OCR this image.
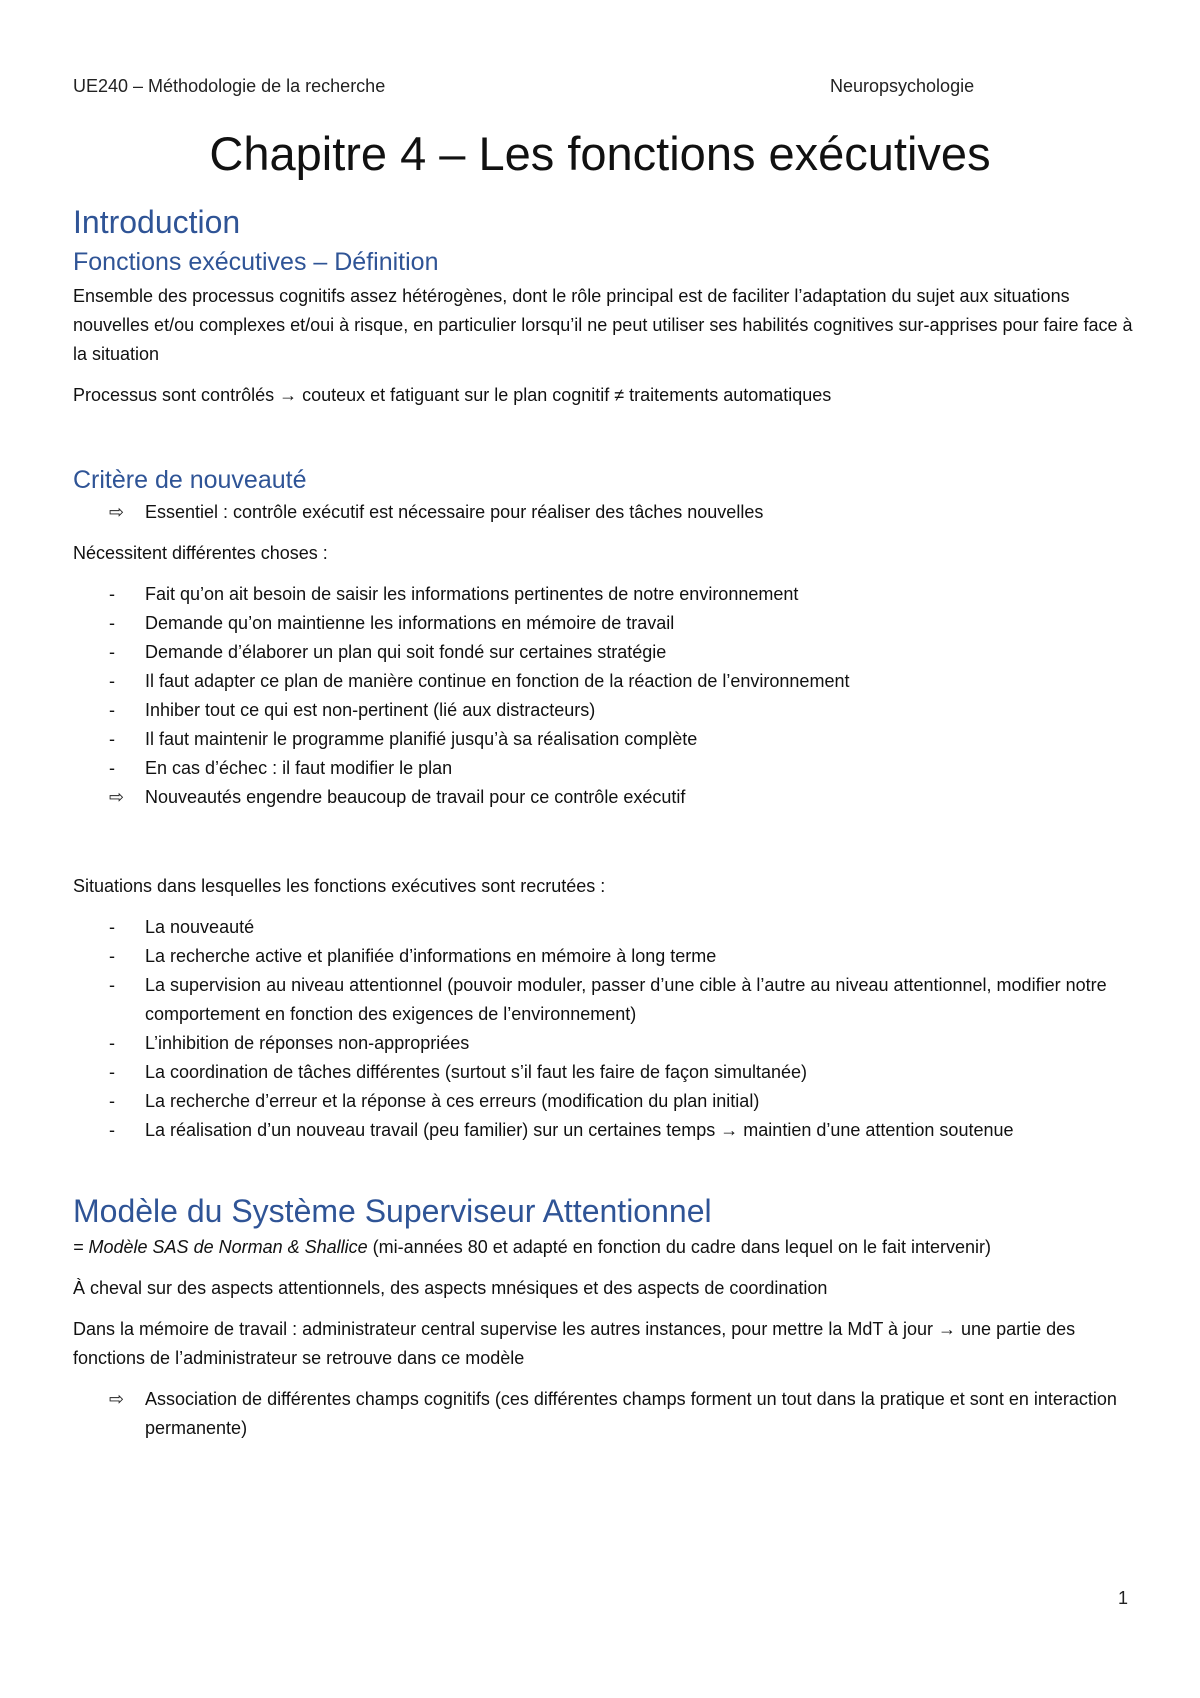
UE240 – Méthodologie de la recherche	Neuropsychologie
Chapitre 4 – Les fonctions exécutives
Introduction
Fonctions exécutives – Définition

Ensemble des processus cognitifs assez hétérogènes, dont le rôle principal est de faciliter l’adaptation du sujet aux situations nouvelles et/ou complexes et/oui à risque, en particulier lorsqu’il ne peut utiliser ses habilités cognitives sur-apprises pour faire face à la situation

Processus sont contrôlés → couteux et fatiguant sur le plan cognitif ≠ traitements automatiques

Critère de nouveauté
⇨	Essentiel : contrôle exécutif est nécessaire pour réaliser des tâches nouvelles

Nécessitent différentes choses :

-	Fait qu’on ait besoin de saisir les informations pertinentes de notre environnement
-	Demande qu’on maintienne les informations en mémoire de travail
-	Demande d’élaborer un plan qui soit fondé sur certaines stratégie
-	Il faut adapter ce plan de manière continue en fonction de la réaction de l’environnement
-	Inhiber tout ce qui est non-pertinent (lié aux distracteurs)
-	Il faut maintenir le programme planifié jusqu’à sa réalisation complète
-	En cas d’échec : il faut modifier le plan
⇨	Nouveautés engendre beaucoup de travail pour ce contrôle exécutif

Situations dans lesquelles les fonctions exécutives sont recrutées :

-	La nouveauté
-	La recherche active et planifiée d’informations en mémoire à long terme
-	La supervision au niveau attentionnel (pouvoir moduler, passer d’une cible à l’autre au niveau attentionnel, modifier notre comportement en fonction des exigences de l’environnement)
-	L’inhibition de réponses non-appropriées
-	La coordination de tâches différentes (surtout s’il faut les faire de façon simultanée)
-	La recherche d’erreur et la réponse à ces erreurs (modification du plan initial)
-	La réalisation d’un nouveau travail (peu familier) sur un certaines temps → maintien d’une attention soutenue
Modèle du Système Superviseur Attentionnel

= Modèle SAS de Norman & Shallice (mi-années 80 et adapté en fonction du cadre dans lequel on le fait intervenir)

À cheval sur des aspects attentionnels, des aspects mnésiques et des aspects de coordination

Dans la mémoire de travail : administrateur central supervise les autres instances, pour mettre la MdT à jour → une partie des fonctions de l’administrateur se retrouve dans ce modèle

⇨	Association de différentes champs cognitifs (ces différentes champs forment un tout dans la pratique et sont en interaction permanente)
1
